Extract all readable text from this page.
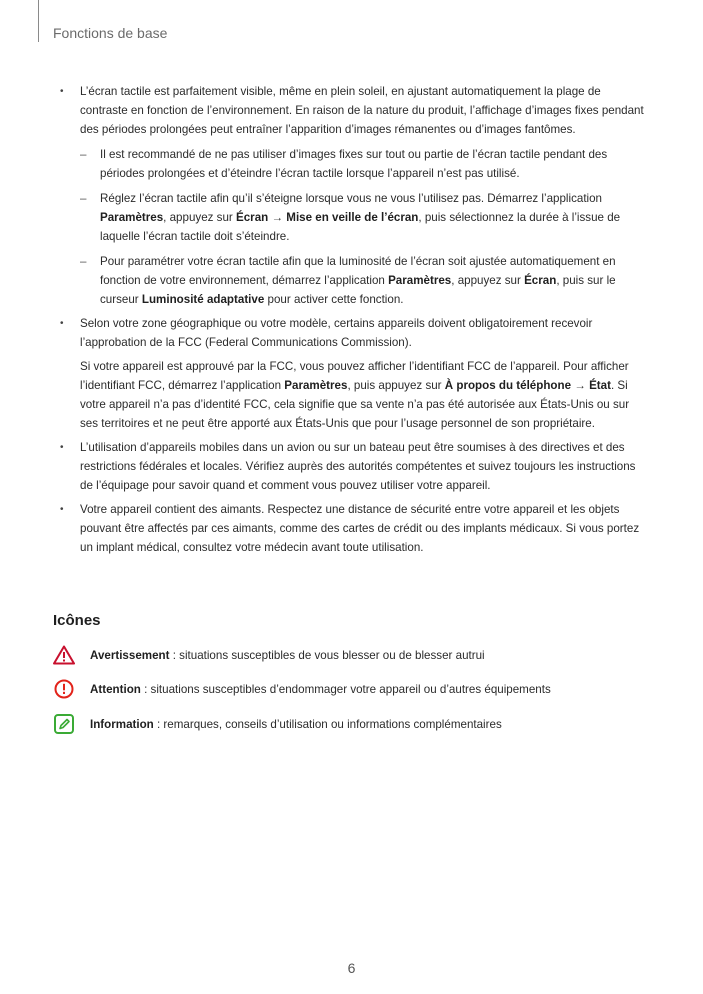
Fonctions de base
•	L’écran tactile est parfaitement visible, même en plein soleil, en ajustant automatiquement la plage de contraste en fonction de l’environnement. En raison de la nature du produit, l’affichage d’images fixes pendant des périodes prolongées peut entraîner l’apparition d’images rémanentes ou d’images fantômes.

– Il est recommandé de ne pas utiliser d’images fixes sur tout ou partie de l’écran tactile pendant des périodes prolongées et d’éteindre l’écran tactile lorsque l’appareil n’est pas utilisé.
– Réglez l’écran tactile afin qu’il s’éteigne lorsque vous ne vous l’utilisez pas. Démarrez l’application Paramètres, appuyez sur Écran → Mise en veille de l’écran, puis sélectionnez la durée à l’issue de laquelle l’écran tactile doit s’éteindre.
– Pour paramétrer votre écran tactile afin que la luminosité de l’écran soit ajustée automatiquement en fonction de votre environnement, démarrez l’application Paramètres, appuyez sur Écran, puis sur le curseur Luminosité adaptative pour activer cette fonction.
•	Selon votre zone géographique ou votre modèle, certains appareils doivent obligatoirement recevoir l’approbation de la FCC (Federal Communications Commission).

Si votre appareil est approuvé par la FCC, vous pouvez afficher l’identifiant FCC de l’appareil. Pour afficher l’identifiant FCC, démarrez l’application Paramètres, puis appuyez sur À propos du téléphone → État. Si votre appareil n’a pas d’identité FCC, cela signifie que sa vente n’a pas été autorisée aux États-Unis ou sur ses territoires et ne peut être apporté aux États-Unis que pour l’usage personnel de son propriétaire.

•	L’utilisation d’appareils mobiles dans un avion ou sur un bateau peut être soumises à des directives et des restrictions fédérales et locales. Vérifiez auprès des autorités compétentes et suivez toujours les instructions de l’équipage pour savoir quand et comment vous pouvez utiliser votre appareil.

•	Votre appareil contient des aimants. Respectez une distance de sécurité entre votre appareil et les objets pouvant être affectés par ces aimants, comme des cartes de crédit ou des implants médicaux. Si vous portez un implant médical, consultez votre médecin avant toute utilisation.

Icônes
Avertissement : situations susceptibles de vous blesser ou de blesser autrui
Attention : situations susceptibles d’endommager votre appareil ou d’autres équipements
Information : remarques, conseils d’utilisation ou informations complémentaires
6
